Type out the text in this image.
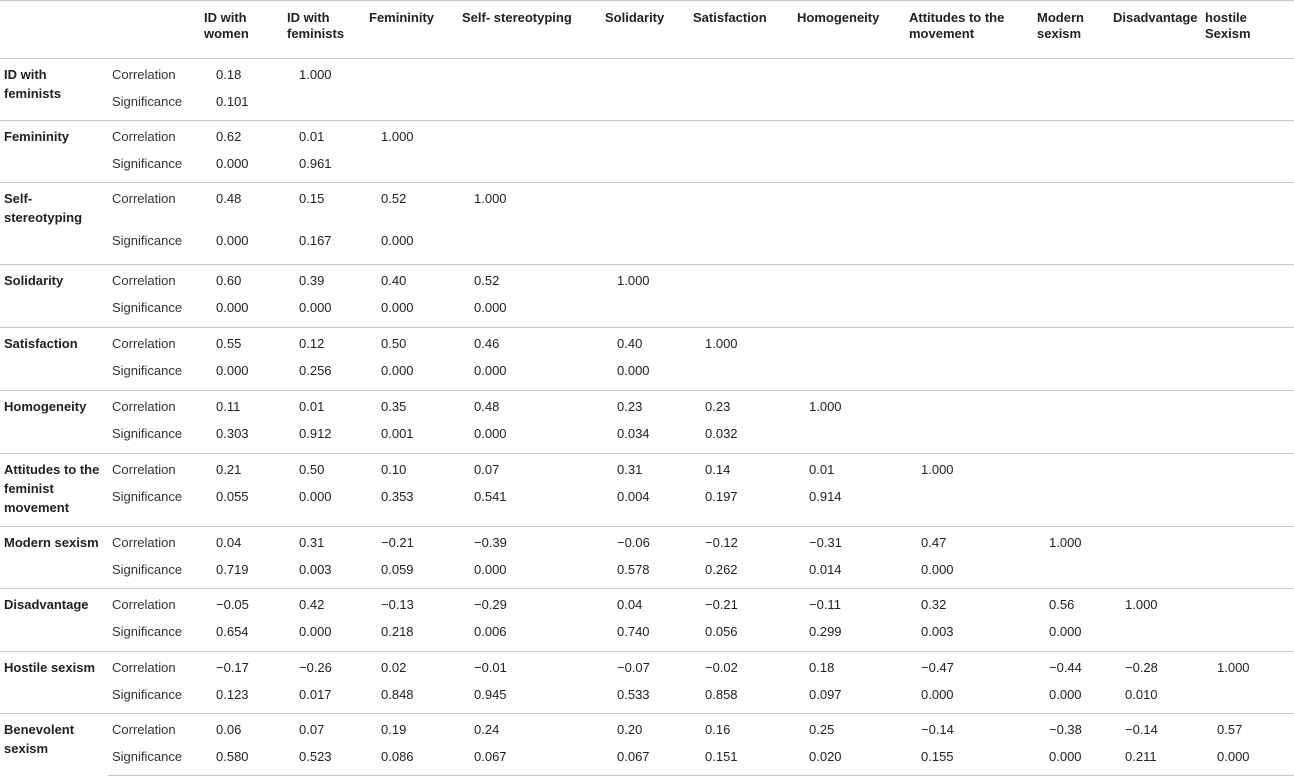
		ID with women	ID with feminists	Femininity	Self- stereotyping	Solidarity	Satisfaction	Homogeneity	Attitudes to the movement	Modern sexism	Disadvantage	hostile Sexism
ID with feminists	Correlation	0.18	1.000									
	Significance	0.101										
Femininity	Correlation	0.62	0.01	1.000								
	Significance	0.000	0.961									
Self- stereotyping	Correlation	0.48	0.15	0.52	1.000							
	Significance	0.000	0.167	0.000								
Solidarity	Correlation	0.60	0.39	0.40	0.52	1.000						
	Significance	0.000	0.000	0.000	0.000							
Satisfaction	Correlation	0.55	0.12	0.50	0.46	0.40	1.000					
	Significance	0.000	0.256	0.000	0.000	0.000						
Homogeneity	Correlation	0.11	0.01	0.35	0.48	0.23	0.23	1.000				
	Significance	0.303	0.912	0.001	0.000	0.034	0.032					
Attitudes to the feminist movement	Correlation	0.21	0.50	0.10	0.07	0.31	0.14	0.01	1.000			
	Significance	0.055	0.000	0.353	0.541	0.004	0.197	0.914				
Modern sexism	Correlation	0.04	0.31	−0.21	−0.39	−0.06	−0.12	−0.31	0.47	1.000		
	Significance	0.719	0.003	0.059	0.000	0.578	0.262	0.014	0.000			
Disadvantage	Correlation	−0.05	0.42	−0.13	−0.29	0.04	−0.21	−0.11	0.32	0.56	1.000	
	Significance	0.654	0.000	0.218	0.006	0.740	0.056	0.299	0.003	0.000		
Hostile sexism	Correlation	−0.17	−0.26	0.02	−0.01	−0.07	−0.02	0.18	−0.47	−0.44	−0.28	1.000
	Significance	0.123	0.017	0.848	0.945	0.533	0.858	0.097	0.000	0.000	0.010	
Benevolent sexism	Correlation	0.06	0.07	0.19	0.24	0.20	0.16	0.25	−0.14	−0.38	−0.14	0.57
	Significance	0.580	0.523	0.086	0.067	0.067	0.151	0.020	0.155	0.000	0.211	0.000
